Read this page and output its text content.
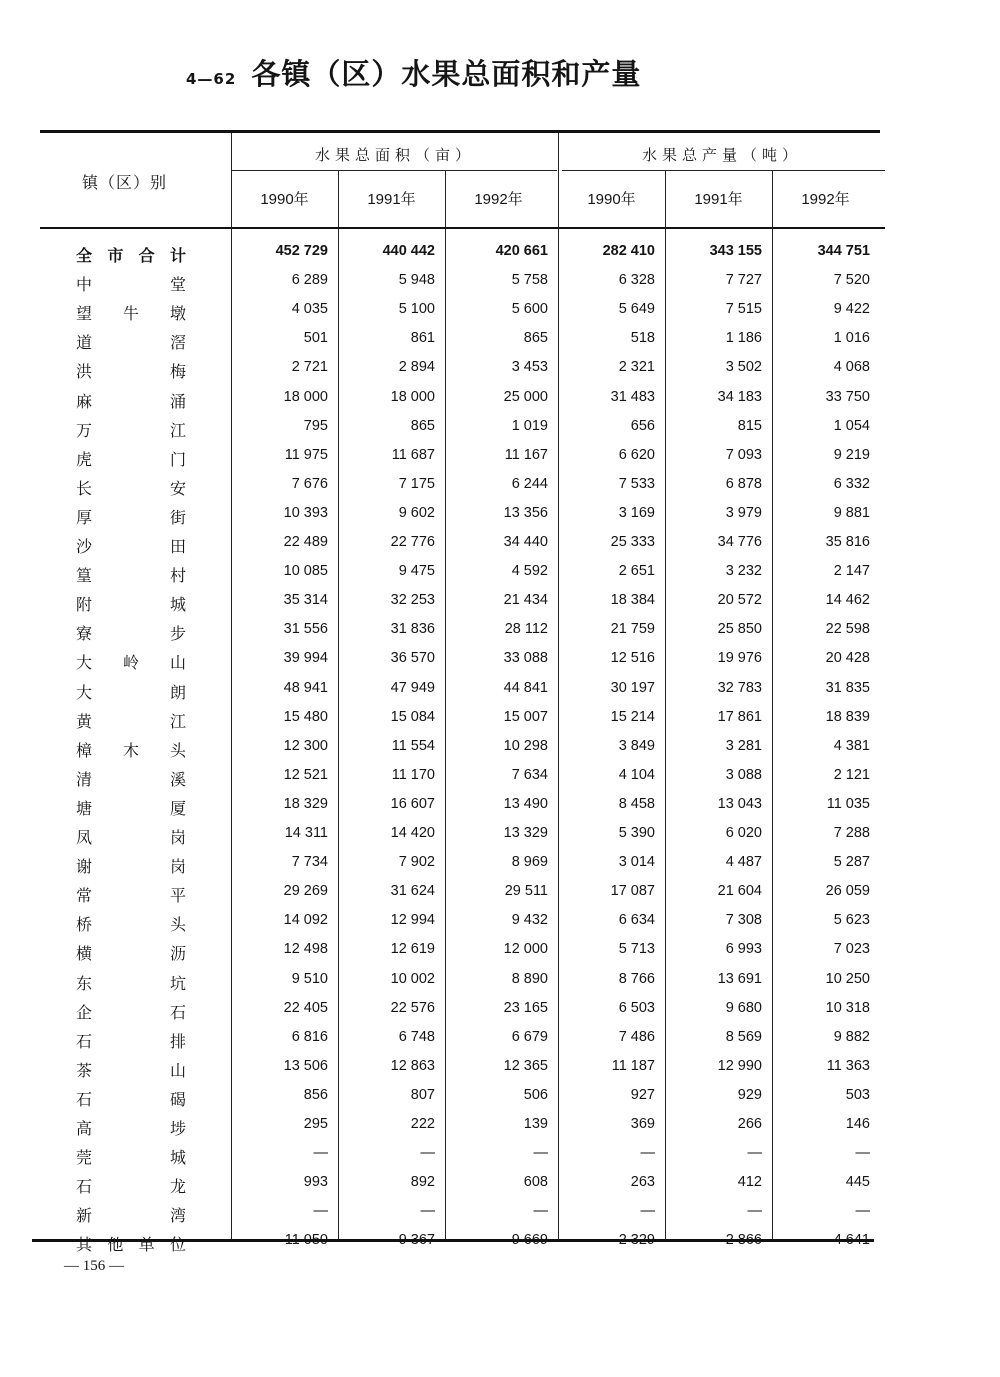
4—62 各镇（区）水果总面积和产量
镇（区）别
水果总面积（亩）	水果总产量（吨）
1990年	1991年	1992年	1990年	1991年	1992年
全市合计	452 729	440 442	420 661	282 410	343 155	344 751
中堂	6 289	5 948	5 758	6 328	7 727	7 520
望牛墩	4 035	5 100	5 600	5 649	7 515	9 422
道滘	501	861	865	518	1 186	1 016
洪梅	2 721	2 894	3 453	2 321	3 502	4 068
麻涌	18 000	18 000	25 000	31 483	34 183	33 750
万江	795	865	1 019	656	815	1 054
虎门	11 975	11 687	11 167	6 620	7 093	9 219
长安	7 676	7 175	6 244	7 533	6 878	6 332
厚街	10 393	9 602	13 356	3 169	3 979	9 881
沙田	22 489	22 776	34 440	25 333	34 776	35 816
篁村	10 085	9 475	4 592	2 651	3 232	2 147
附城	35 314	32 253	21 434	18 384	20 572	14 462
寮步	31 556	31 836	28 112	21 759	25 850	22 598
大岭山	39 994	36 570	33 088	12 516	19 976	20 428
大朗	48 941	47 949	44 841	30 197	32 783	31 835
黄江	15 480	15 084	15 007	15 214	17 861	18 839
樟木头	12 300	11 554	10 298	3 849	3 281	4 381
清溪	12 521	11 170	7 634	4 104	3 088	2 121
塘厦	18 329	16 607	13 490	8 458	13 043	11 035
凤岗	14 311	14 420	13 329	5 390	6 020	7 288
谢岗	7 734	7 902	8 969	3 014	4 487	5 287
常平	29 269	31 624	29 511	17 087	21 604	26 059
桥头	14 092	12 994	9 432	6 634	7 308	5 623
横沥	12 498	12 619	12 000	5 713	6 993	7 023
东坑	9 510	10 002	8 890	8 766	13 691	10 250
企石	22 405	22 576	23 165	6 503	9 680	10 318
石排	6 816	6 748	6 679	7 486	8 569	9 882
茶山	13 506	12 863	12 365	11 187	12 990	11 363
石碣	856	807	506	927	929	503
高埗	295	222	139	369	266	146
莞城	—	—	—	—	—	—
石龙	993	892	608	263	412	445
新湾	—	—	—	—	—	—
其他单位	11 050	9 367	9 669	2 329	2 866	4 641
— 156 —
